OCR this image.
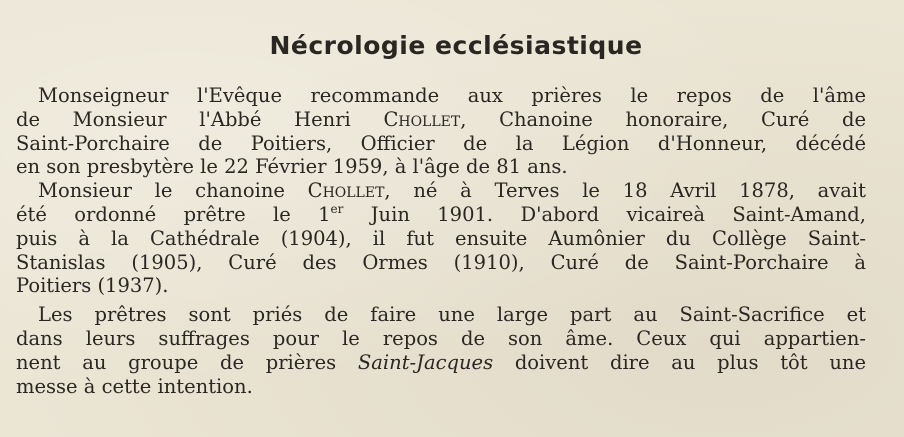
Nécrologie ecclésiastique

Monseigneur l'Evêque recommande aux prières le repos de l'âme
de Monsieur l'Abbé Henri Chollet, Chanoine honoraire, Curé de
Saint-Porchaire de Poitiers, Officier de la Légion d'Honneur, décédé
en son presbytère le 22 Février 1959, à l'âge de 81 ans.

Monsieur le chanoine Chollet, né à Terves le 18 Avril 1878, avait
été ordonné prêtre le 1er Juin 1901. D'abord vicaireà Saint-Amand,
puis à la Cathédrale (1904), il fut ensuite Aumônier du Collège Saint-
Stanislas (1905), Curé des Ormes (1910), Curé de Saint-Porchaire à
Poitiers (1937).

Les prêtres sont priés de faire une large part au Saint-Sacrifice et
dans leurs suffrages pour le repos de son âme. Ceux qui appartien-
nent au groupe de prières Saint-Jacques doivent dire au plus tôt une
messe à cette intention.
